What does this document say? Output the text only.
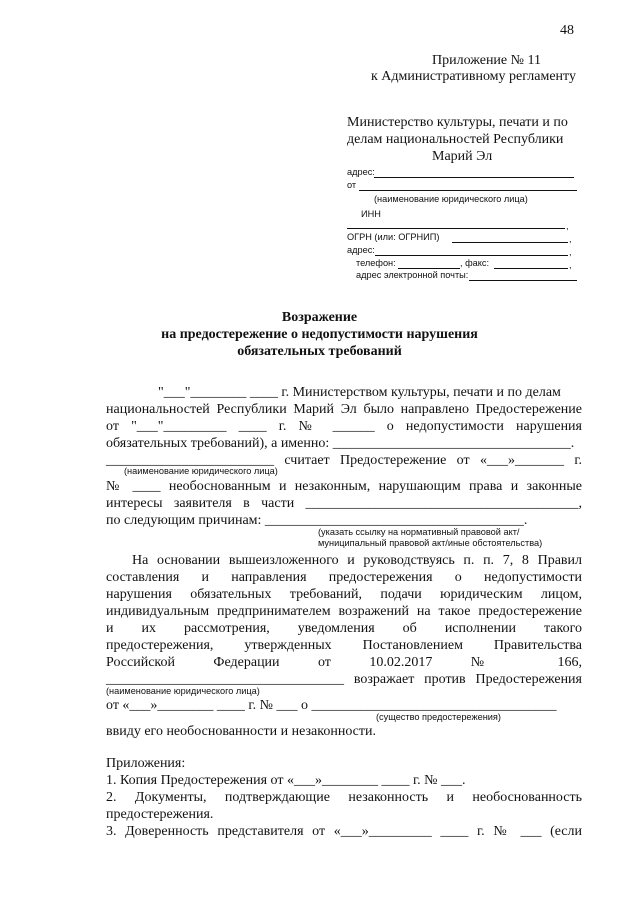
48
Приложение № 11
к Административному регламенту
Министерство культуры, печати и по
делам национальностей Республики
Марий Эл
адрес:
от
(наименование юридического лица)
ИНН
,
ОГРН (или: ОГРНИП)	,
адрес:	,
телефон:	, факс:	,
адрес электронной почты:
Возражение
на предостережение о недопустимости нарушения
обязательных требований
"___"________ ____ г. Министерством культуры, печати и по делам
национальностей Республики Марий Эл было направлено Предостережение
от "___"_________ ____ г. № ______ о недопустимости нарушения
обязательных требований), а именно: __________________________________.
________________________ считает Предостережение от «___»_______ г.
(наименование юридического лица)
№ ____ необоснованным и незаконным, нарушающим права и законные
интересы заявителя в части _______________________________________,
по следующим причинам: _____________________________________.
(указать ссылку на нормативный правовой акт/
муниципальный правовой акт/иные обстоятельства)
На основании вышеизложенного и руководствуясь п. п. 7, 8 Правил
составления и направления предостережения о недопустимости
нарушения обязательных требований, подачи юридическим лицом,
индивидуальным предпринимателем возражений на такое предостережение
и их рассмотрения, уведомления об исполнении такого
предостережения, утвержденных Постановлением Правительства
Российской Федерации от 10.02.2017 № 166,
__________________________________ возражает против Предостережения
(наименование юридического лица)
от «___»________ ____ г. № ___ о ___________________________________
(существо предостережения)
ввиду его необоснованности и незаконности.
Приложения:
1. Копия Предостережения от «___»________ ____ г. № ___.
2. Документы, подтверждающие незаконность и необоснованность
предостережения.
3. Доверенность представителя от «___»_________ ____ г. № ___ (если
